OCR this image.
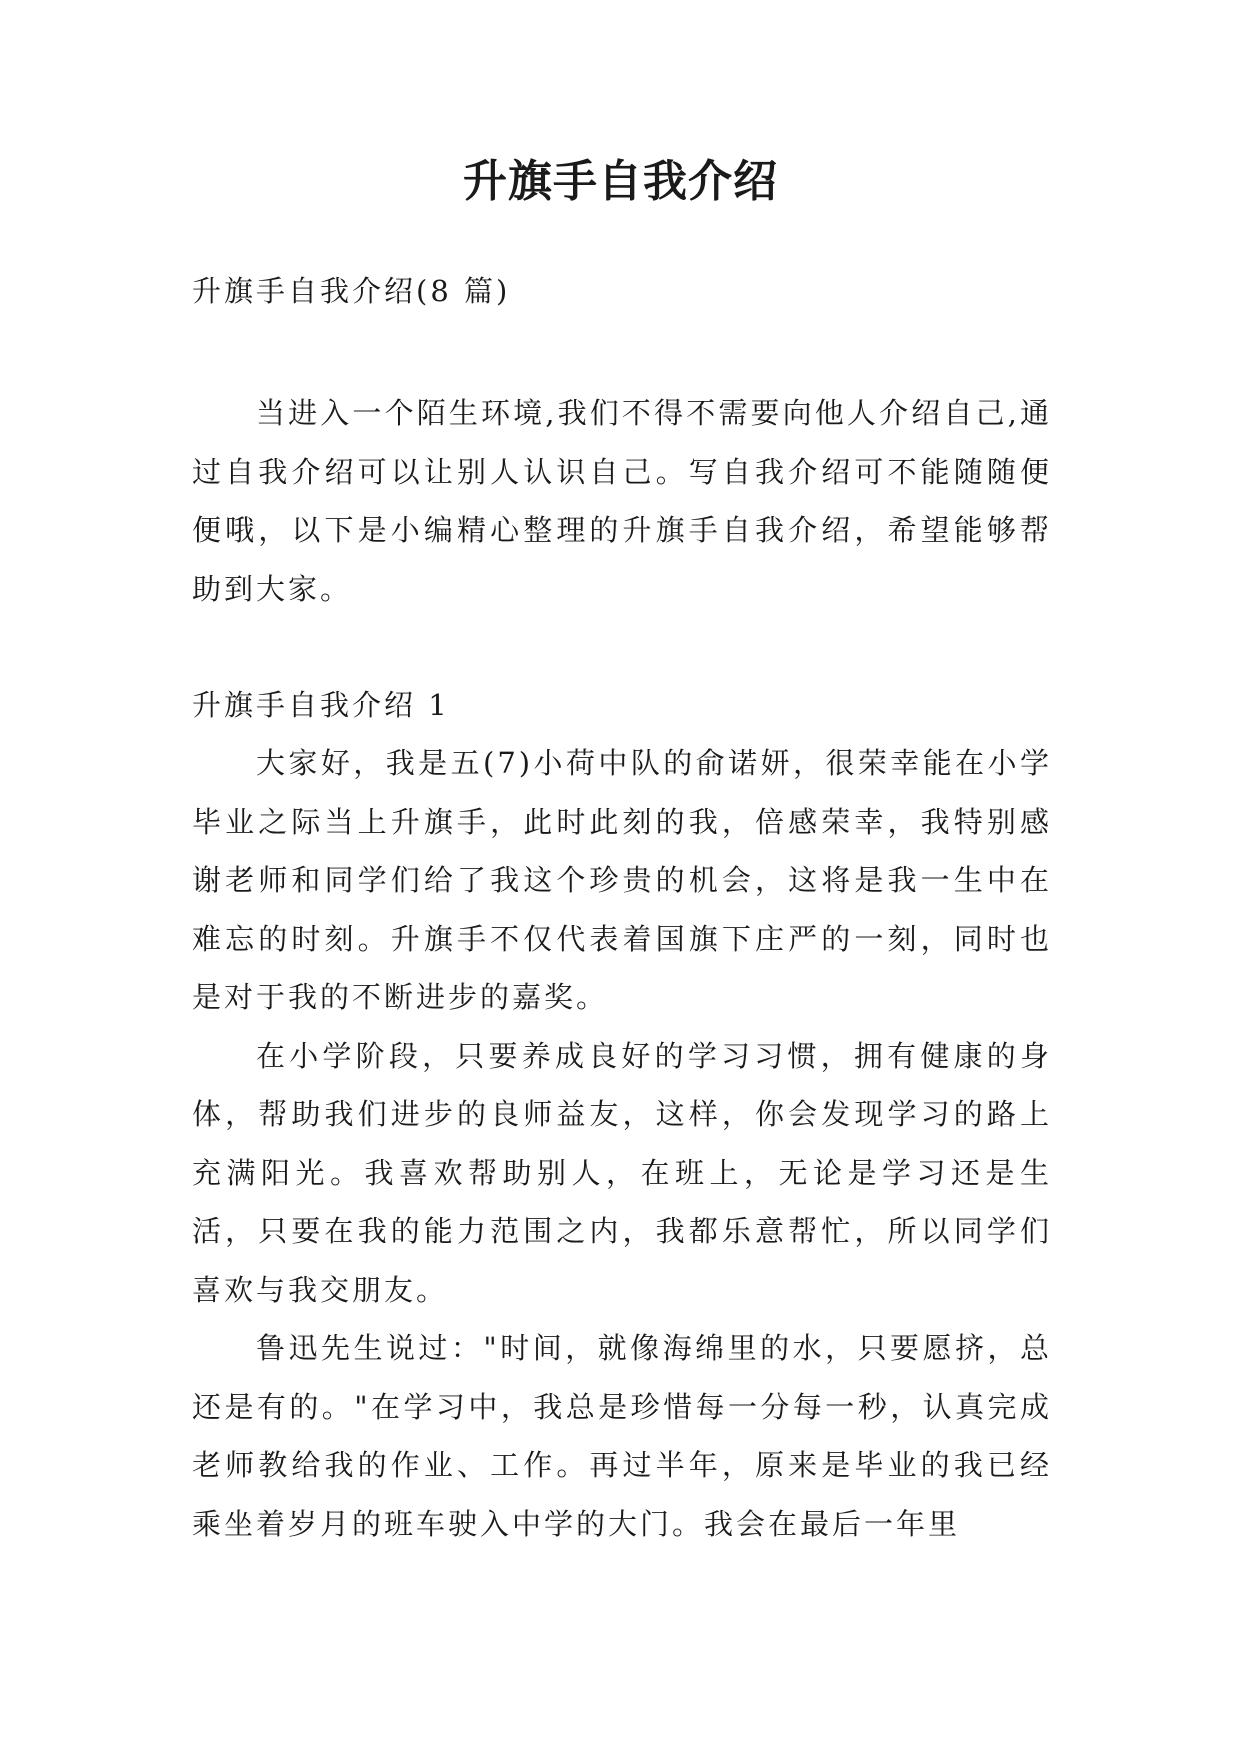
升旗手自我介绍

升旗手自我介绍(8 篇)

当进入一个陌生环境,我们不得不需要向他人介绍自己,通过自我介绍可以让别人认识自己。写自我介绍可不能随随便便哦，以下是小编精心整理的升旗手自我介绍，希望能够帮助到大家。

升旗手自我介绍 1

大家好，我是五(7)小荷中队的俞诺妍，很荣幸能在小学毕业之际当上升旗手，此时此刻的我，倍感荣幸，我特别感谢老师和同学们给了我这个珍贵的机会，这将是我一生中在难忘的时刻。升旗手不仅代表着国旗下庄严的一刻，同时也是对于我的不断进步的嘉奖。

在小学阶段，只要养成良好的学习习惯，拥有健康的身体，帮助我们进步的良师益友，这样，你会发现学习的路上充满阳光。我喜欢帮助别人，在班上，无论是学习还是生活，只要在我的能力范围之内，我都乐意帮忙，所以同学们喜欢与我交朋友。

鲁迅先生说过："时间，就像海绵里的水，只要愿挤，总还是有的。"在学习中，我总是珍惜每一分每一秒，认真完成老师教给我的作业、工作。再过半年，原来是毕业的我已经乘坐着岁月的班车驶入中学的大门。我会在最后一年里
